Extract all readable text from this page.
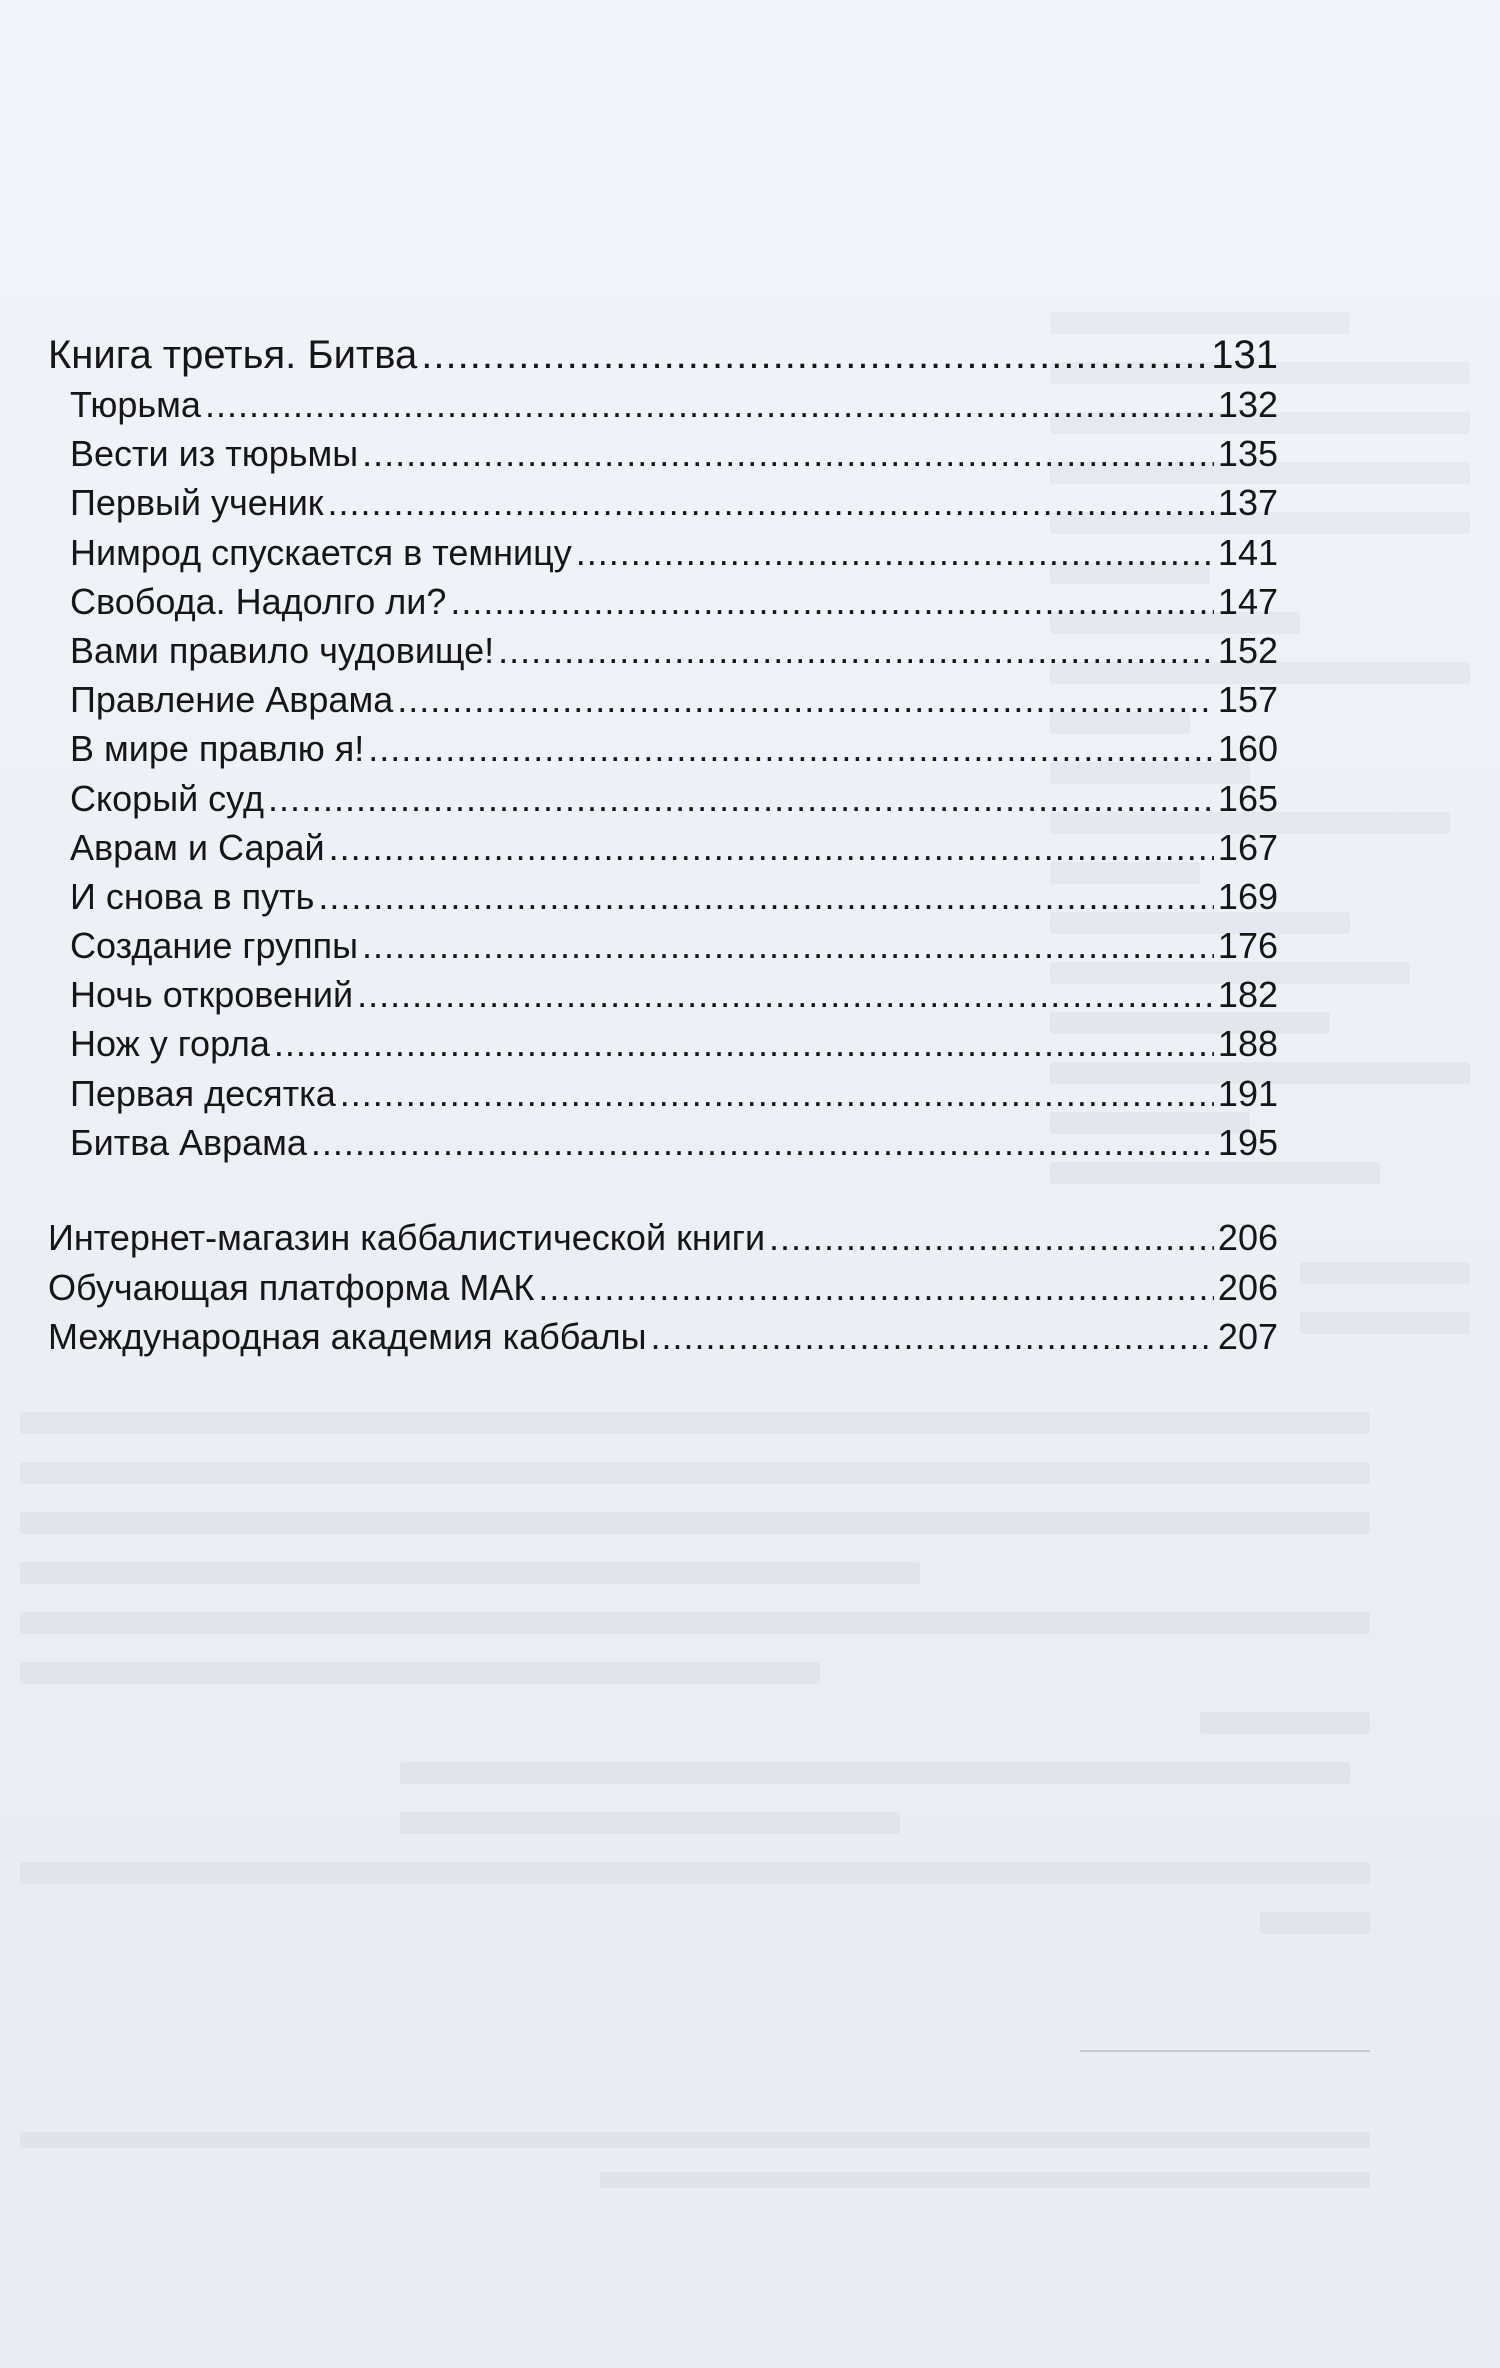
Книга третья. Битва .....	131
Тюрьма .....	132
Вести из тюрьмы .....	135
Первый ученик .....	137
Нимрод спускается в темницу .....	141
Свобода. Надолго ли? .....	147
Вами правило чудовище! .....	152
Правление Аврама .....	157
В мире правлю я! .....	160
Скорый суд .....	165
Аврам и Сарай .....	167
И снова в путь .....	169
Создание группы .....	176
Ночь откровений .....	182
Нож у горла .....	188
Первая десятка .....	191
Битва Аврама .....	195
Интернет-магазин каббалистической книги .....	206
Обучающая платформа МАК .....	206
Международная академия каббалы .....	207
